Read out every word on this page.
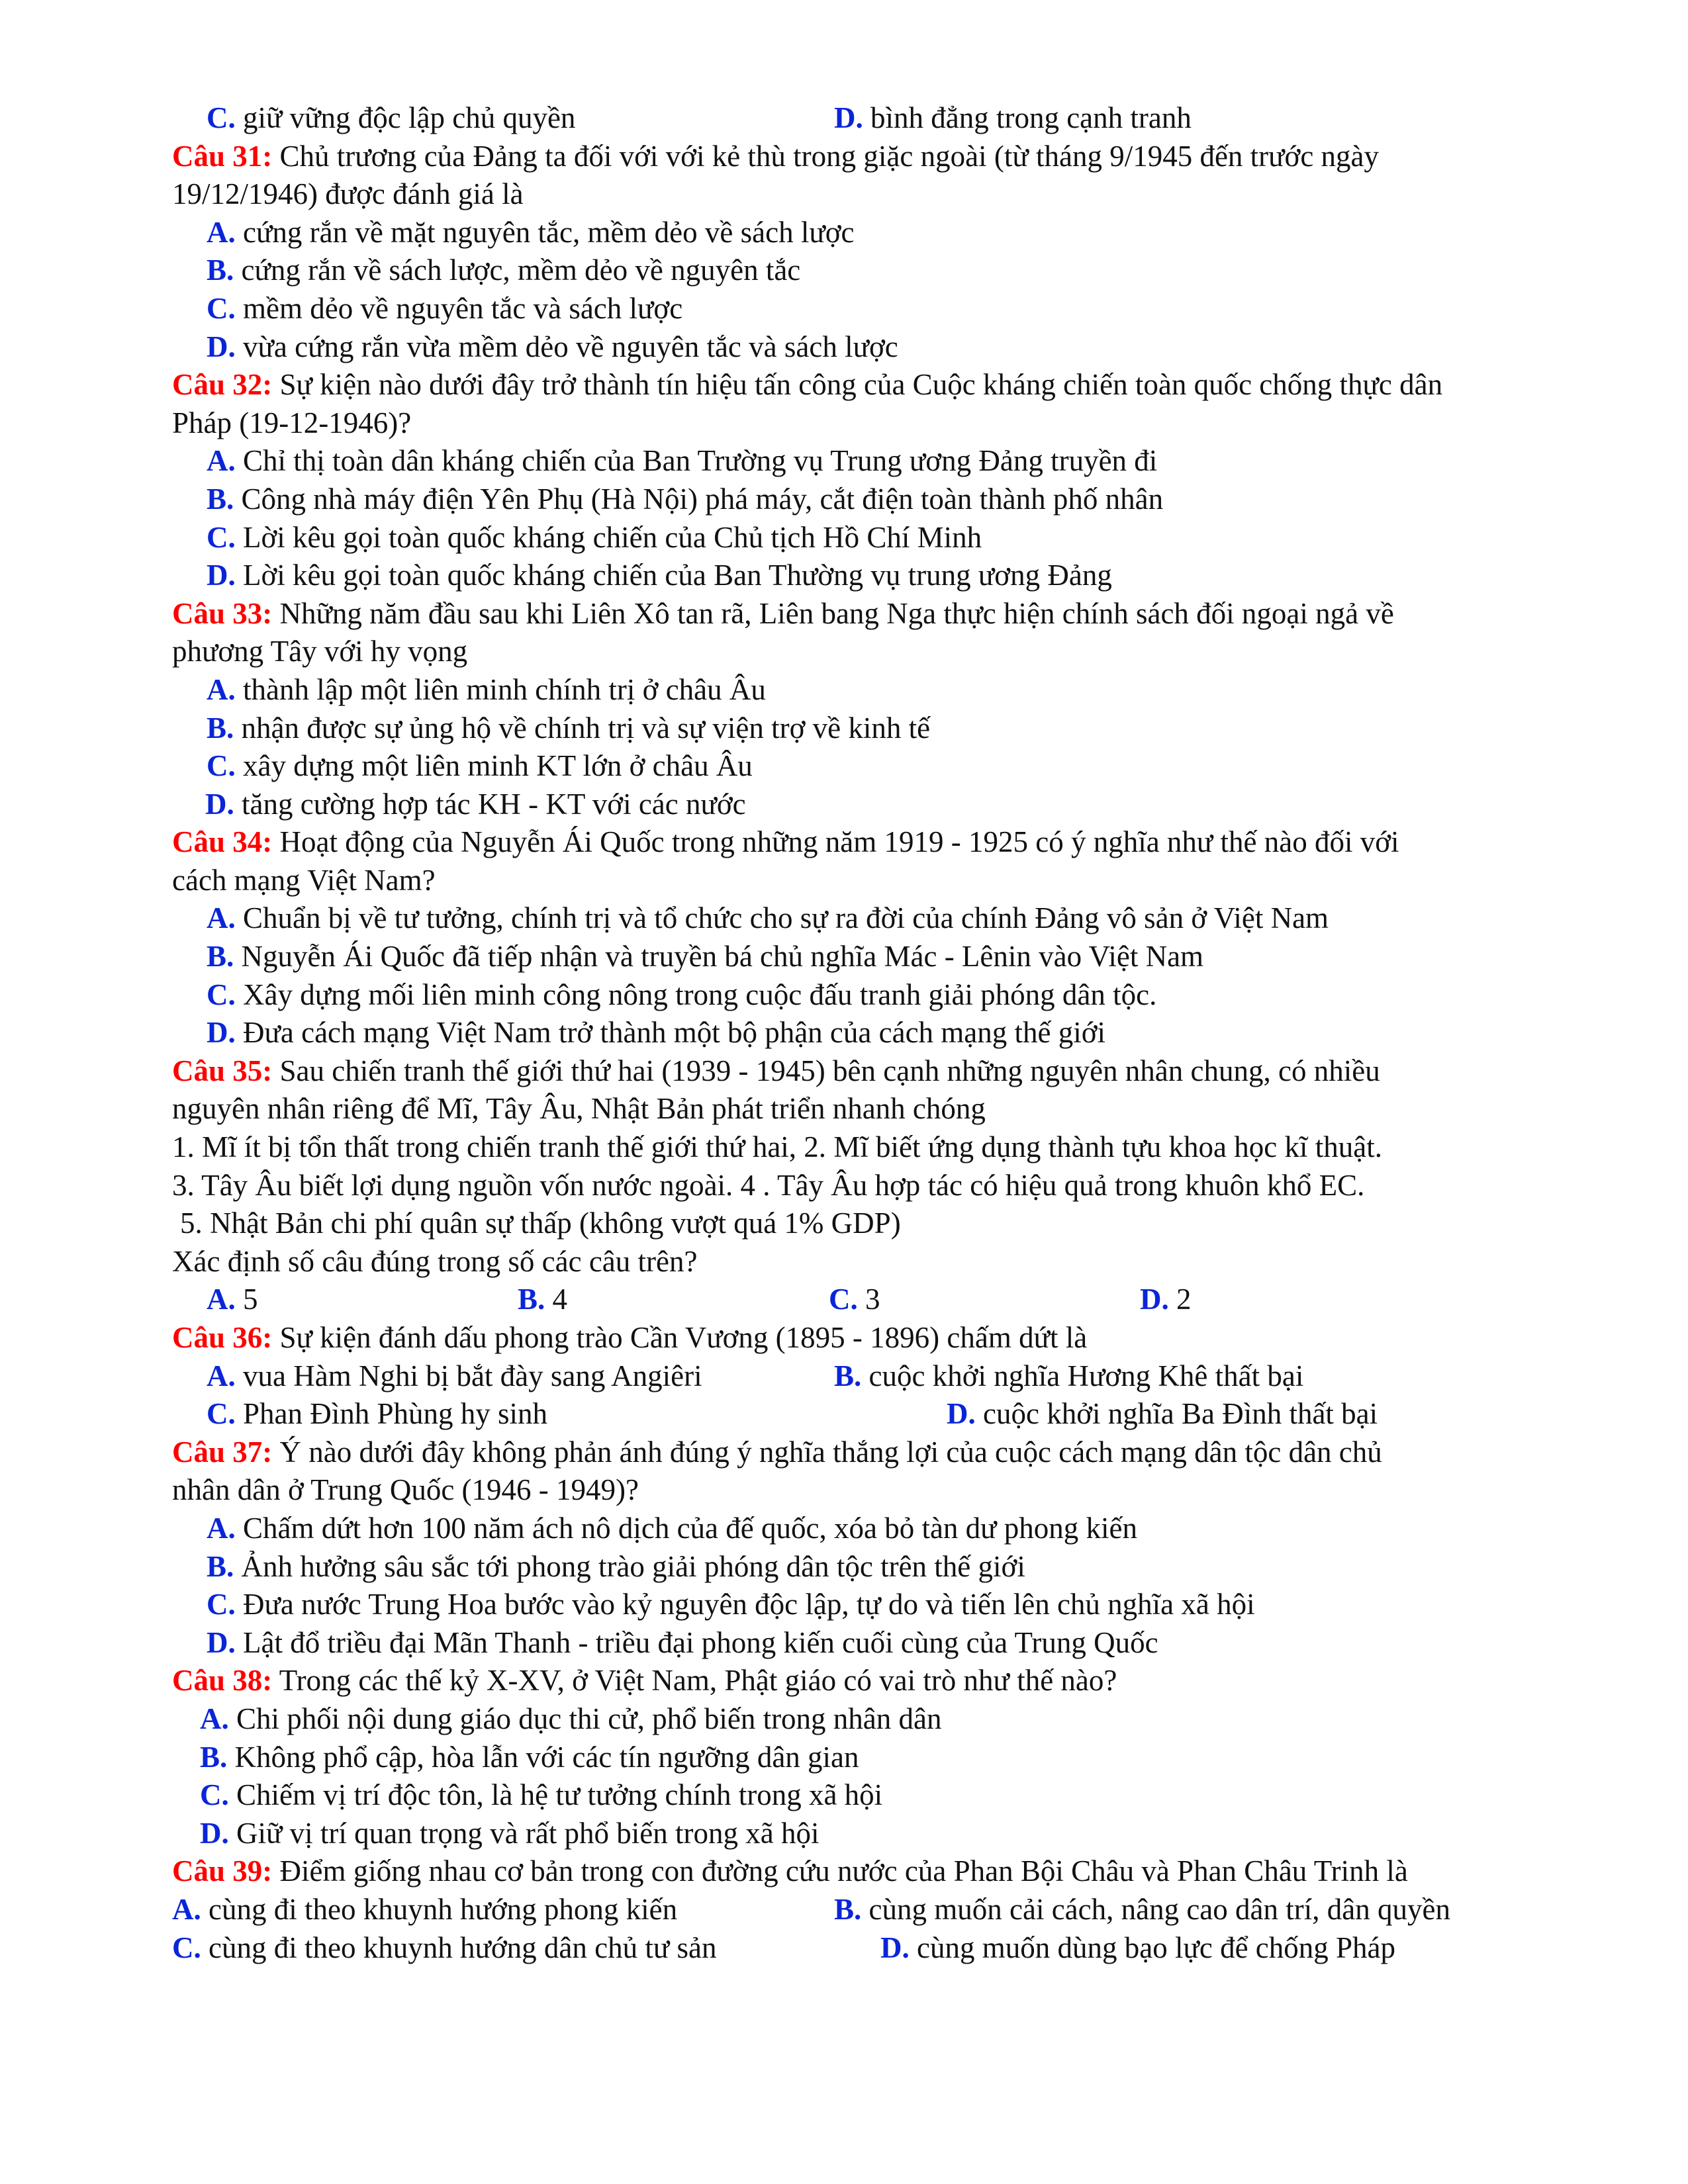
C. giữ vững độc lập chủ quyền	D. bình đẳng trong cạnh tranh
Câu 31: Chủ trương của Đảng ta đối với với kẻ thù trong giặc ngoài (từ tháng 9/1945 đến trước ngày
19/12/1946) được đánh giá là
A. cứng rắn về mặt nguyên tắc, mềm dẻo về sách lược
B. cứng rắn về sách lược, mềm dẻo về nguyên tắc
C. mềm dẻo về nguyên tắc và sách lược
D. vừa cứng rắn vừa mềm dẻo về nguyên tắc và sách lược
Câu 32: Sự kiện nào dưới đây trở thành tín hiệu tấn công của Cuộc kháng chiến toàn quốc chống thực dân
Pháp (19-12-1946)?
A. Chỉ thị toàn dân kháng chiến của Ban Trường vụ Trung ương Đảng truyền đi
B. Công nhà máy điện Yên Phụ (Hà Nội) phá máy, cắt điện toàn thành phố nhân
C. Lời kêu gọi toàn quốc kháng chiến của Chủ tịch Hồ Chí Minh
D. Lời kêu gọi toàn quốc kháng chiến của Ban Thường vụ trung ương Đảng
Câu 33: Những năm đầu sau khi Liên Xô tan rã, Liên bang Nga thực hiện chính sách đối ngoại ngả về
phương Tây với hy vọng
A. thành lập một liên minh chính trị ở châu Âu
B. nhận được sự ủng hộ về chính trị và sự viện trợ về kinh tế
C. xây dựng một liên minh KT lớn ở châu Âu
D. tăng cường hợp tác KH - KT với các nước
Câu 34: Hoạt động của Nguyễn Ái Quốc trong những năm 1919 - 1925 có ý nghĩa như thế nào đối với
cách mạng Việt Nam?
A. Chuẩn bị về tư tưởng, chính trị và tổ chức cho sự ra đời của chính Đảng vô sản ở Việt Nam
B. Nguyễn Ái Quốc đã tiếp nhận và truyền bá chủ nghĩa Mác - Lênin vào Việt Nam
C. Xây dựng mối liên minh công nông trong cuộc đấu tranh giải phóng dân tộc.
D. Đưa cách mạng Việt Nam trở thành một bộ phận của cách mạng thế giới
Câu 35: Sau chiến tranh thế giới thứ hai (1939 - 1945) bên cạnh những nguyên nhân chung, có nhiều
nguyên nhân riêng để Mĩ, Tây Âu, Nhật Bản phát triển nhanh chóng
1. Mĩ ít bị tổn thất trong chiến tranh thế giới thứ hai, 2. Mĩ biết ứng dụng thành tựu khoa học kĩ thuật.
3. Tây Âu biết lợi dụng nguồn vốn nước ngoài. 4 . Tây Âu hợp tác có hiệu quả trong khuôn khổ EC.
5. Nhật Bản chi phí quân sự thấp (không vượt quá 1% GDP)
Xác định số câu đúng trong số các câu trên?
A. 5	B. 4	C. 3	D. 2
Câu 36: Sự kiện đánh dấu phong trào Cần Vương (1895 - 1896) chấm dứt là
A. vua Hàm Nghi bị bắt đày sang Angiêri	B. cuộc khởi nghĩa Hương Khê thất bại
C. Phan Đình Phùng hy sinh	D. cuộc khởi nghĩa Ba Đình thất bại
Câu 37: Ý nào dưới đây không phản ánh đúng ý nghĩa thắng lợi của cuộc cách mạng dân tộc dân chủ
nhân dân ở Trung Quốc (1946 - 1949)?
A. Chấm dứt hơn 100 năm ách nô dịch của đế quốc, xóa bỏ tàn dư phong kiến
B. Ảnh hưởng sâu sắc tới phong trào giải phóng dân tộc trên thế giới
C. Đưa nước Trung Hoa bước vào kỷ nguyên độc lập, tự do và tiến lên chủ nghĩa xã hội
D. Lật đổ triều đại Mãn Thanh - triều đại phong kiến cuối cùng của Trung Quốc
Câu 38: Trong các thế kỷ X-XV, ở Việt Nam, Phật giáo có vai trò như thế nào?
A. Chi phối nội dung giáo dục thi cử, phổ biến trong nhân dân
B. Không phổ cập, hòa lẫn với các tín ngưỡng dân gian
C. Chiếm vị trí độc tôn, là hệ tư tưởng chính trong xã hội
D. Giữ vị trí quan trọng và rất phổ biến trong xã hội
Câu 39: Điểm giống nhau cơ bản trong con đường cứu nước của Phan Bội Châu và Phan Châu Trinh là
A. cùng đi theo khuynh hướng phong kiến	B. cùng muốn cải cách, nâng cao dân trí, dân quyền
C. cùng đi theo khuynh hướng dân chủ tư sản	D. cùng muốn dùng bạo lực để chống Pháp
